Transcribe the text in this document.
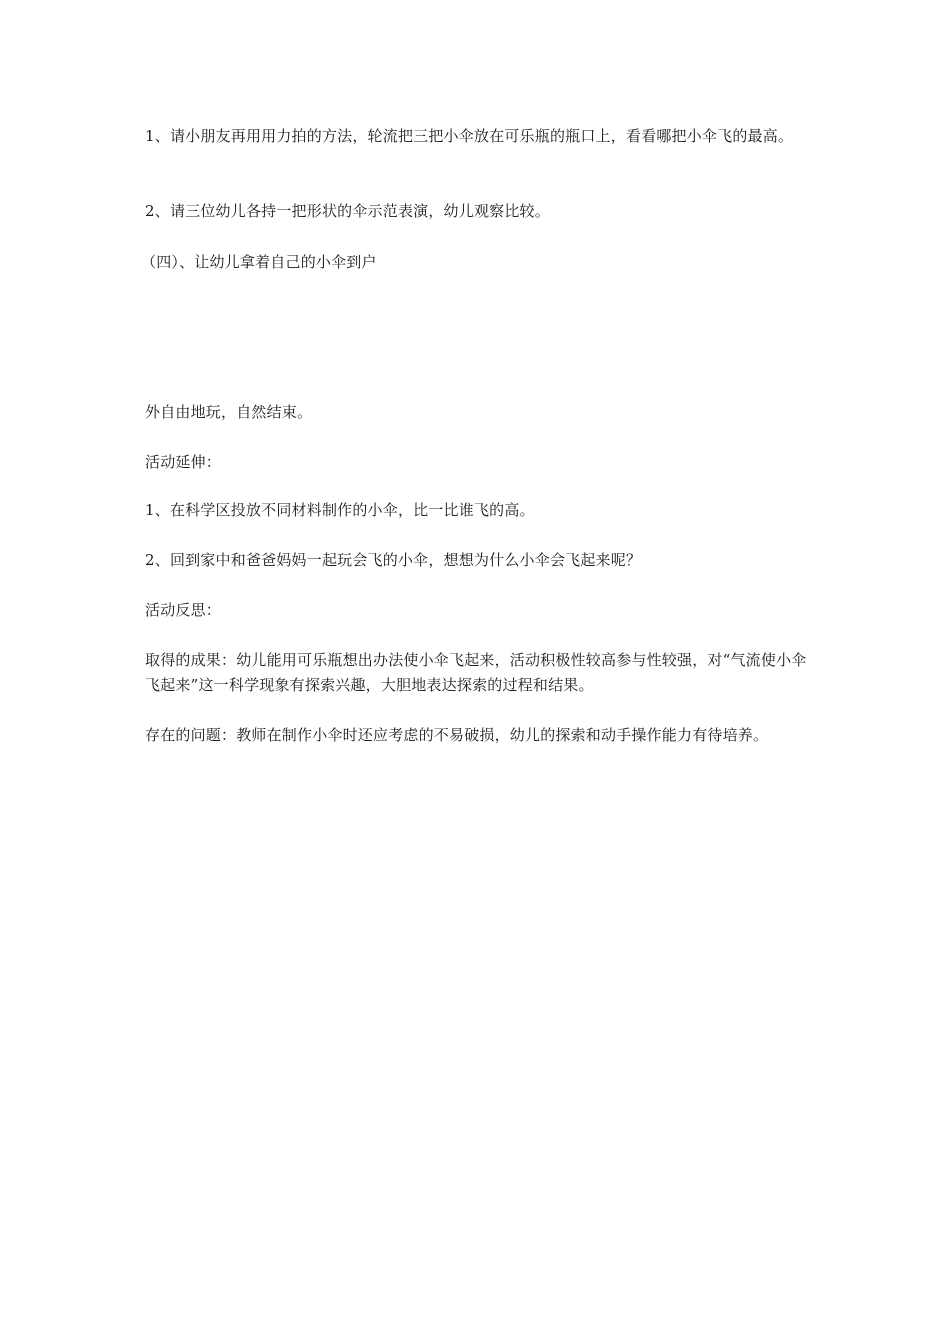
1、请小朋友再用用力拍的方法，轮流把三把小伞放在可乐瓶的瓶口上，看看哪把小伞飞的最高。

2、请三位幼儿各持一把形状的伞示范表演，幼儿观察比较。

（四）、让幼儿拿着自己的小伞到户

外自由地玩，自然结束。

活动延伸：

1、在科学区投放不同材料制作的小伞，比一比谁飞的高。

2、回到家中和爸爸妈妈一起玩会飞的小伞，想想为什么小伞会飞起来呢？

活动反思：

取得的成果：幼儿能用可乐瓶想出办法使小伞飞起来，活动积极性较高参与性较强，对“气流使小伞飞起来”这一科学现象有探索兴趣，大胆地表达探索的过程和结果。

存在的问题：教师在制作小伞时还应考虑的不易破损，幼儿的探索和动手操作能力有待培养。
